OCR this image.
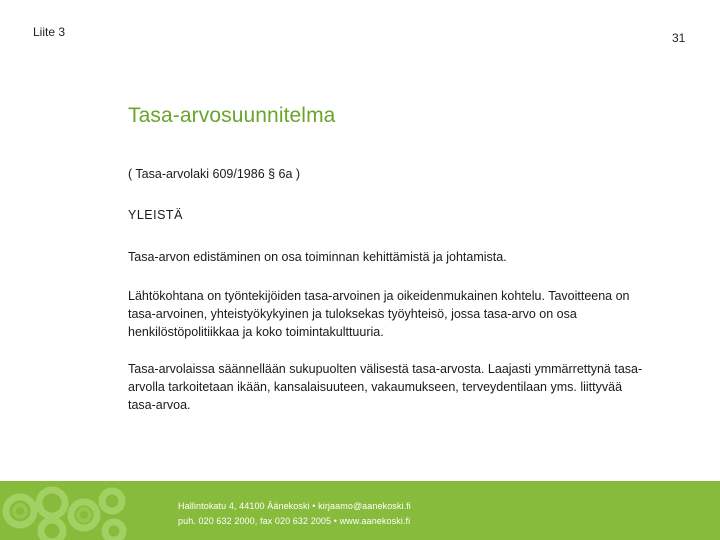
Liite 3	31
Tasa-arvosuunnitelma

( Tasa-arvolaki 609/1986 § 6a )

YLEISTÄ

Tasa-arvon edistäminen on osa toiminnan kehittämistä ja johtamista.

Lähtökohtana on työntekijöiden tasa-arvoinen ja oikeidenmukainen kohtelu. Tavoitteena on tasa-arvoinen, yhteistyökykyinen ja tuloksekas työyhteisö, jossa tasa-arvo on osa henkilöstöpolitiikkaa ja koko toimintakulttuuria.

Tasa-arvolaissa säännellään sukupuolten välisestä tasa-arvosta. Laajasti ymmärrettynä tasa-arvolla tarkoitetaan ikään, kansalaisuuteen, vakaumukseen, terveydentilaan yms. liittyvää tasa-arvoa.

Hallintokatu 4, 44100 Äänekoski • kirjaamo@aanekoski.fi
puh. 020 632 2000, fax 020 632 2005 • www.aanekoski.fi
